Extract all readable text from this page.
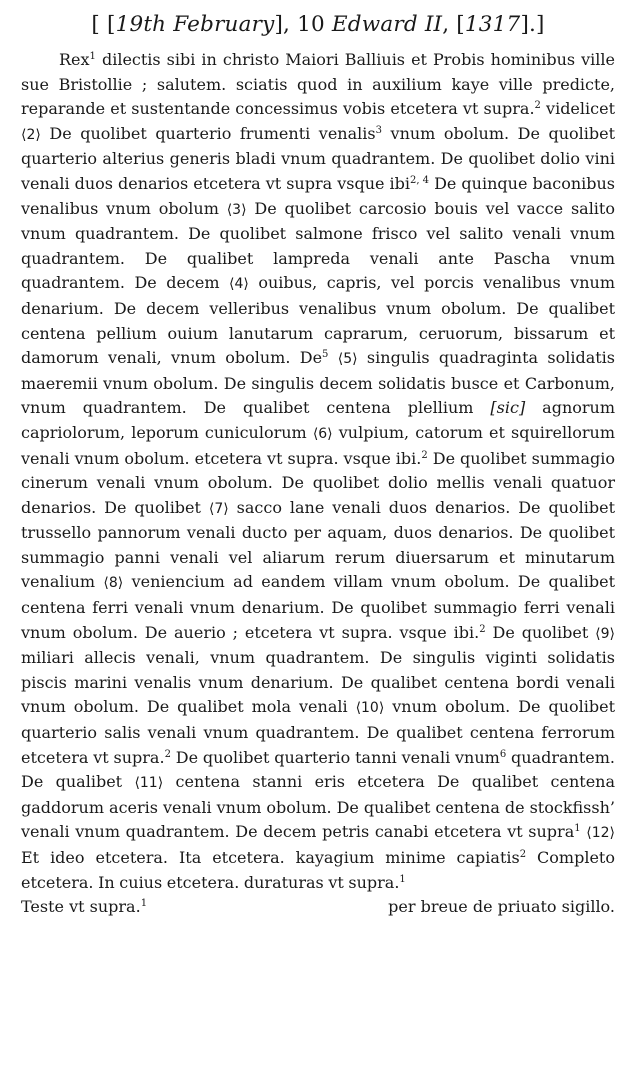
[ [19th February], 10 Edward II, [1317].]

Rex$^1$ dilectis sibi in christo Maiori Balliuis et Probis hominibus ville sue Bristollie ; salutem. sciatis quod in auxilium kaye ville predicte, reparande et sustentande concessimus vobis etcetera vt supra.$^2$ videlicet ⟨2⟩ De quolibet quarterio frumenti venalis$^3$ vnum obolum. De quolibet quarterio alterius generis bladi vnum quadrantem. De quolibet dolio vini venali duos denarios etcetera vt supra vsque ibi$^{2, 4}$ De quinque baconibus venalibus vnum obolum ⟨3⟩ De quolibet carcosio bouis vel vacce salito vnum quadrantem. De quolibet salmone frisco vel salito venali vnum quadrantem. De qualibet lampreda venali ante Pascha vnum quadrantem. De decem ⟨4⟩ ouibus, capris, vel porcis venalibus vnum denarium. De decem velleribus venalibus vnum obolum. De qualibet centena pellium ouium lanutarum caprarum, ceruorum, bissarum et damorum venali, vnum obolum. De$^5$ ⟨5⟩ singulis quadraginta solidatis maeremii vnum obolum. De singulis decem solidatis busce et Carbonum, vnum quadrantem. De qualibet centena plellium [sic] agnorum capriolorum, leporum cuniculorum ⟨6⟩ vulpium, catorum et squirellorum venali vnum obolum. etcetera vt supra. vsque ibi.$^2$ De quolibet summagio cinerum venali vnum obolum. De quolibet dolio mellis venali quatuor denarios. De quolibet ⟨7⟩ sacco lane venali duos denarios. De quolibet trussello pannorum venali ducto per aquam, duos denarios. De quolibet summagio panni venali vel aliarum rerum diuersarum et minutarum venalium ⟨8⟩ veniencium ad eandem villam vnum obolum. De qualibet centena ferri venali vnum denarium. De quolibet summagio ferri venali vnum obolum. De auerio ; etcetera vt supra. vsque ibi.$^2$ De quolibet ⟨9⟩ miliari allecis venali, vnum quadrantem. De singulis viginti solidatis piscis marini venalis vnum denarium. De qualibet centena bordi venali vnum obolum. De qualibet mola venali ⟨10⟩ vnum obolum. De quolibet quarterio salis venali vnum quadrantem. De qualibet centena ferrorum etcetera vt supra.$^2$ De quolibet quarterio tanni venali vnum$^6$ quadrantem. De qualibet ⟨11⟩ centena stanni eris etcetera De qualibet centena gaddorum aceris venali vnum obolum. De qualibet centena de stockfissh’ venali vnum quadrantem. De decem petris canabi etcetera vt supra$^1$ ⟨12⟩ Et ideo etcetera. Ita etcetera. kayagium minime capiatis$^2$ Completo etcetera. In cuius etcetera. duraturas vt supra.$^1$

Teste vt supra.$^1$	per breue de priuato sigillo.
